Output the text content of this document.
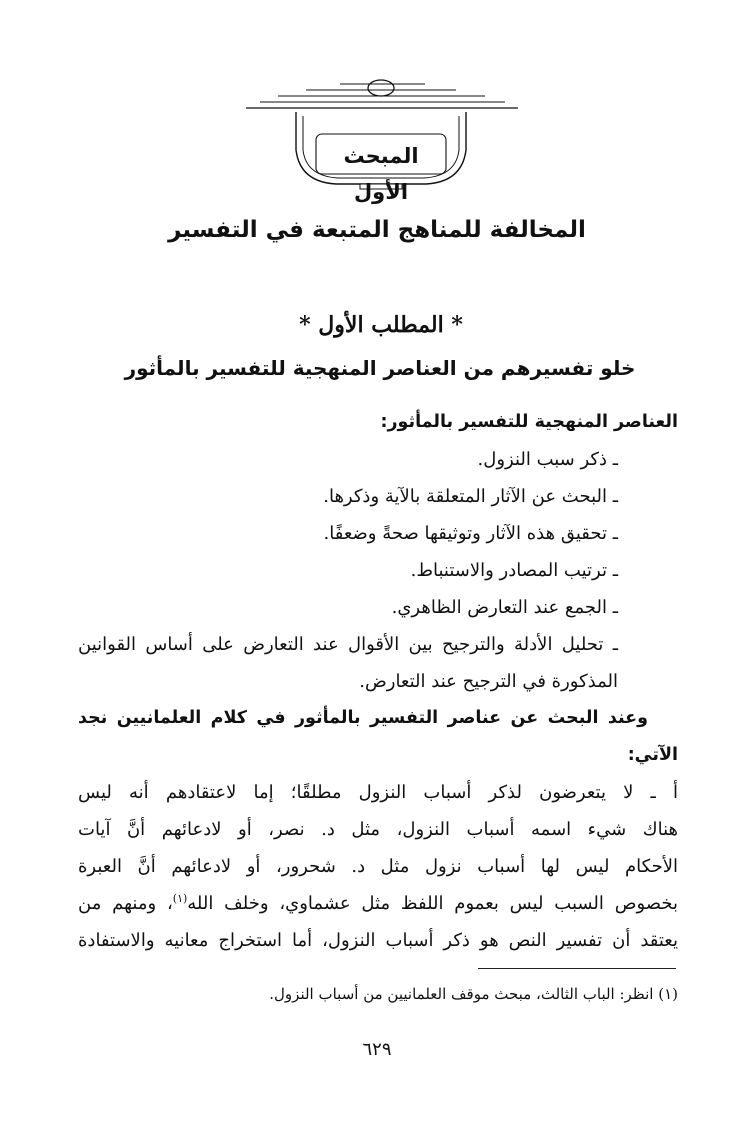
المبحث الأول
المخالفة للمناهج المتبعة في التفسير
* المطلب الأول *
خلو تفسيرهم من العناصر المنهجية للتفسير بالمأثور

العناصر المنهجية للتفسير بالمأثور:

ـ ذكر سبب النزول.

ـ البحث عن الآثار المتعلقة بالآية وذكرها.

ـ تحقيق هذه الآثار وتوثيقها صحةً وضعفًا.

ـ ترتيب المصادر والاستنباط.

ـ الجمع عند التعارض الظاهري.

ـ تحليل الأدلة والترجيح بين الأقوال عند التعارض على أساس القوانين المذكورة في الترجيح عند التعارض.

وعند البحث عن عناصر التفسير بالمأثور في كلام العلمانيين نجد الآتي:

أ ـ لا يتعرضون لذكر أسباب النزول مطلقًا؛ إما لاعتقادهم أنه ليس

هناك شيء اسمه أسباب النزول، مثل د. نصر، أو لادعائهم أنَّ آيات

الأحكام ليس لها أسباب نزول مثل د. شحرور، أو لادعائهم أنَّ العبرة

بخصوص السبب ليس بعموم اللفظ مثل عشماوي، وخلف الله$^{(١)}$، ومنهم من

يعتقد أن تفسير النص هو ذكر أسباب النزول، أما استخراج معانيه والاستفادة

(١) انظر: الباب الثالث، مبحث موقف العلمانيين من أسباب النزول.
٦٢٩
